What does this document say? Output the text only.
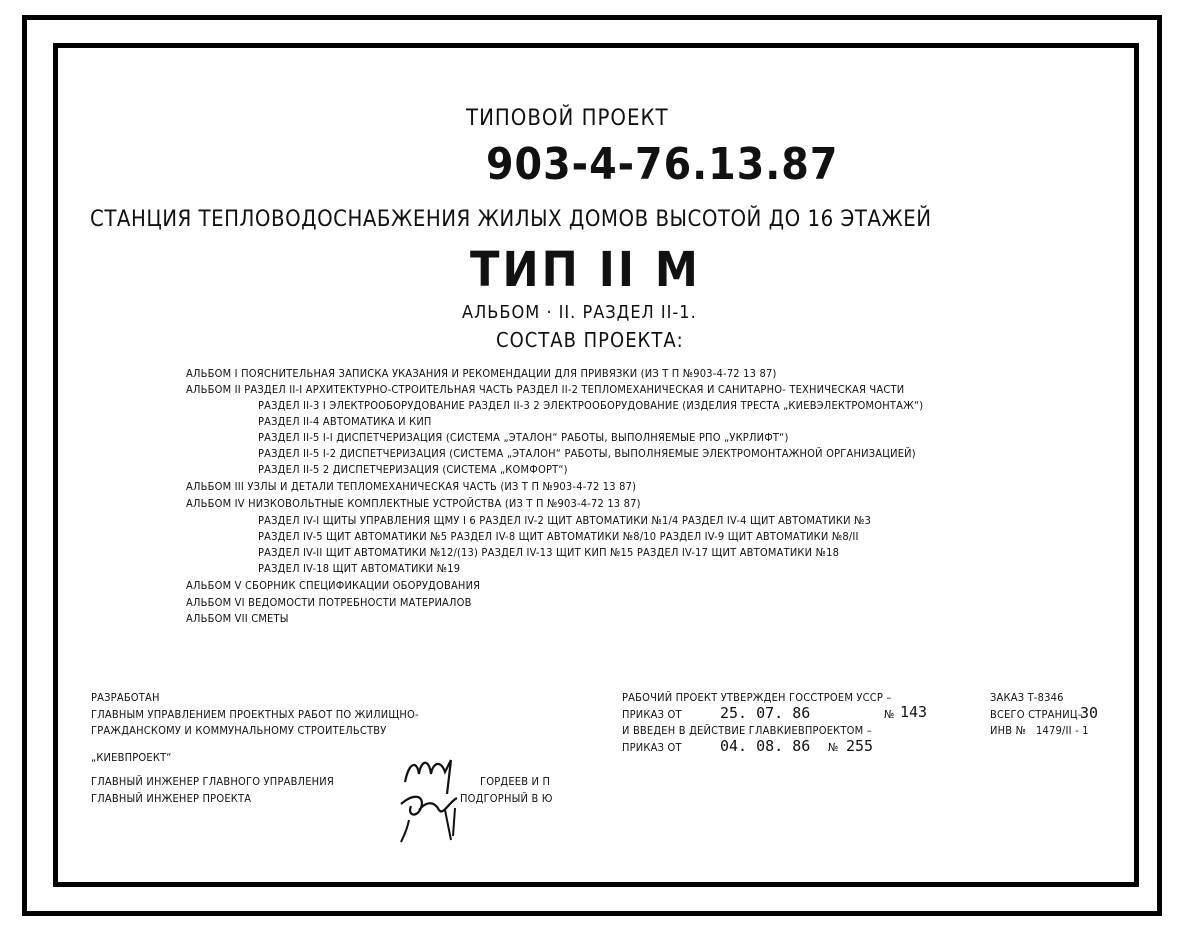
ТИПОВОЙ ПРОЕКТ
903-4-76.13.87
СТАНЦИЯ ТЕПЛОВОДОСНАБЖЕНИЯ ЖИЛЫХ ДОМОВ ВЫСОТОЙ ДО 16 ЭТАЖЕЙ
ТИП II M
АЛЬБОМ · II. РАЗДЕЛ II-1.
СОСТАВ ПРОЕКТА:
АЛЬБОМ I ПОЯСНИТЕЛЬНАЯ ЗАПИСКА УКАЗАНИЯ И РЕКОМЕНДАЦИИ ДЛЯ ПРИВЯЗКИ (ИЗ Т П №903-4-72 13 87)
АЛЬБОМ II РАЗДЕЛ II-I АРХИТЕКТУРНО-СТРОИТЕЛЬНАЯ ЧАСТЬ РАЗДЕЛ II-2 ТЕПЛОМЕХАНИЧЕСКАЯ И САНИТАРНО- ТЕХНИЧЕСКАЯ ЧАСТИ
РАЗДЕЛ II-3 I ЭЛЕКТРООБОРУДОВАНИЕ РАЗДЕЛ II-3 2 ЭЛЕКТРООБОРУДОВАНИЕ (ИЗДЕЛИЯ ТРЕСТА „КИЕВЭЛЕКТРОМОНТАЖ“)
РАЗДЕЛ II-4 АВТОМАТИКА И КИП
РАЗДЕЛ II-5 I-I ДИСПЕТЧЕРИЗАЦИЯ (СИСТЕМА „ЭТАЛОН“ РАБОТЫ, ВЫПОЛНЯЕМЫЕ РПО „УКРЛИФТ“)
РАЗДЕЛ II-5 I-2 ДИСПЕТЧЕРИЗАЦИЯ (СИСТЕМА „ЭТАЛОН“ РАБОТЫ, ВЫПОЛНЯЕМЫЕ ЭЛЕКТРОМОНТАЖНОЙ ОРГАНИЗАЦИЕЙ)
РАЗДЕЛ II-5 2 ДИСПЕТЧЕРИЗАЦИЯ (СИСТЕМА „КОМФОРТ“)
АЛЬБОМ III УЗЛЫ И ДЕТАЛИ ТЕПЛОМЕХАНИЧЕСКАЯ ЧАСТЬ (ИЗ Т П №903-4-72 13 87)
АЛЬБОМ IV НИЗКОВОЛЬТНЫЕ КОМПЛЕКТНЫЕ УСТРОЙСТВА (ИЗ Т П №903-4-72 13 87)
РАЗДЕЛ IV-I ЩИТЫ УПРАВЛЕНИЯ ЩМУ I 6 РАЗДЕЛ IV-2 ЩИТ АВТОМАТИКИ №1/4 РАЗДЕЛ IV-4 ЩИТ АВТОМАТИКИ №3
РАЗДЕЛ IV-5 ЩИТ АВТОМАТИКИ №5 РАЗДЕЛ IV-8 ЩИТ АВТОМАТИКИ №8/10 РАЗДЕЛ IV-9 ЩИТ АВТОМАТИКИ №8/II
РАЗДЕЛ IV-II ЩИТ АВТОМАТИКИ №12/(13) РАЗДЕЛ IV-13 ЩИТ КИП №15 РАЗДЕЛ IV-17 ЩИТ АВТОМАТИКИ №18
РАЗДЕЛ IV-18 ЩИТ АВТОМАТИКИ №19
АЛЬБОМ V СБОРНИК СПЕЦИФИКАЦИИ ОБОРУДОВАНИЯ
АЛЬБОМ VI ВЕДОМОСТИ ПОТРЕБНОСТИ МАТЕРИАЛОВ
АЛЬБОМ VII СМЕТЫ
РАЗРАБОТАН
ГЛАВНЫМ УПРАВЛЕНИЕМ ПРОЕКТНЫХ РАБОТ ПО ЖИЛИЩНО-
ГРАЖДАНСКОМУ И КОММУНАЛЬНОМУ СТРОИТЕЛЬСТВУ
„КИЕВПРОЕКТ“
ГЛАВНЫЙ ИНЖЕНЕР ГЛАВНОГО УПРАВЛЕНИЯ	ГОРДЕЕВ И П
ГЛАВНЫЙ ИНЖЕНЕР ПРОЕКТА	ПОДГОРНЫЙ В Ю
РАБОЧИЙ ПРОЕКТ УТВЕРЖДЕН ГОССТРОЕМ УССР –
ПРИКАЗ ОТ	25. 07. 86	№ 143
И ВВЕДЕН В ДЕЙСТВИЕ ГЛАВКИЕВПРОЕКТОМ –
ПРИКАЗ ОТ	04. 08. 86 № 255
ЗАКАЗ Т-8346
ВСЕГО СТРАНИЦ–
30
ИНВ № 1479/II - 1
